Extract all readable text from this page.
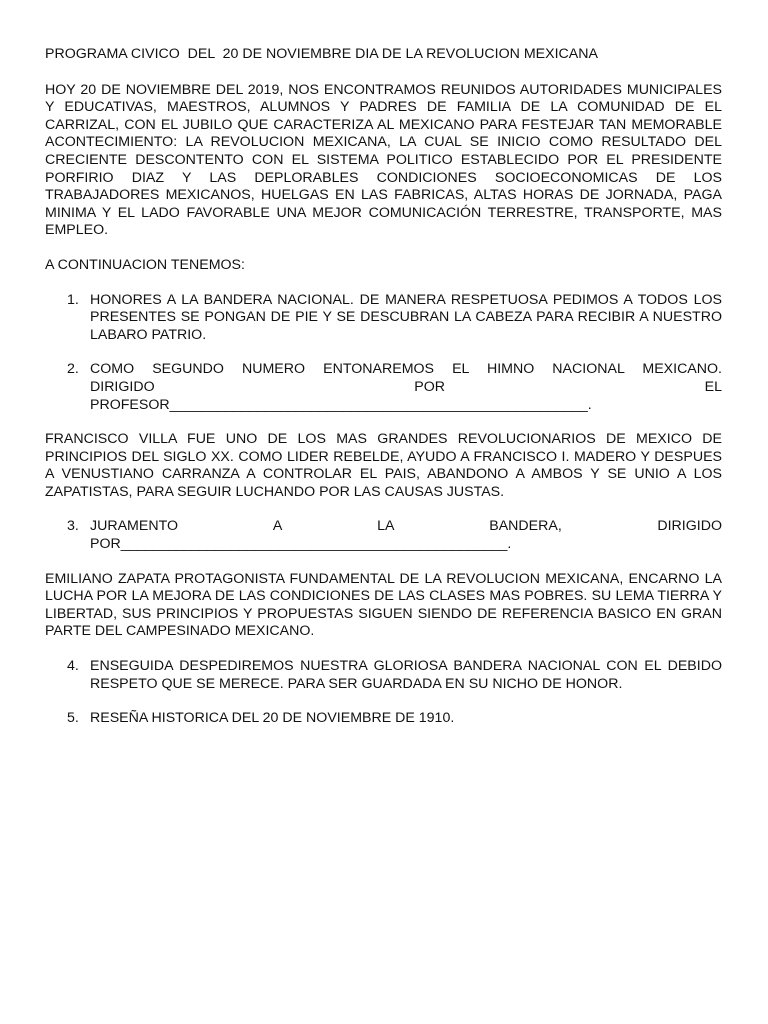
PROGRAMA CIVICO  DEL  20 DE NOVIEMBRE DIA DE LA REVOLUCION MEXICANA

HOY 20 DE NOVIEMBRE DEL 2019, NOS ENCONTRAMOS REUNIDOS AUTORIDADES MUNICIPALES Y EDUCATIVAS, MAESTROS, ALUMNOS Y PADRES DE FAMILIA DE LA COMUNIDAD DE EL CARRIZAL, CON EL JUBILO QUE CARACTERIZA AL MEXICANO PARA FESTEJAR TAN MEMORABLE ACONTECIMIENTO: LA REVOLUCION MEXICANA, LA CUAL SE INICIO COMO RESULTADO DEL CRECIENTE DESCONTENTO CON EL SISTEMA POLITICO ESTABLECIDO POR EL PRESIDENTE PORFIRIO DIAZ Y LAS DEPLORABLES CONDICIONES SOCIOECONOMICAS DE LOS TRABAJADORES MEXICANOS, HUELGAS EN LAS FABRICAS, ALTAS HORAS DE JORNADA, PAGA MINIMA Y EL LADO FAVORABLE UNA MEJOR COMUNICACIÓN TERRESTRE, TRANSPORTE, MAS EMPLEO.

A CONTINUACION TENEMOS:

1. HONORES A LA BANDERA NACIONAL. DE MANERA RESPETUOSA PEDIMOS A TODOS LOS PRESENTES SE PONGAN DE PIE Y SE DESCUBRAN LA CABEZA PARA RECIBIR A NUESTRO LABARO PATRIO.
2. COMO SEGUNDO NUMERO ENTONAREMOS EL HIMNO NACIONAL MEXICANO.
DIRIGIDO POR EL
PROFESOR_____________________________________________________.

FRANCISCO VILLA FUE UNO DE LOS MAS GRANDES REVOLUCIONARIOS DE MEXICO DE PRINCIPIOS DEL SIGLO XX. COMO LIDER REBELDE, AYUDO A FRANCISCO I. MADERO Y DESPUES A VENUSTIANO CARRANZA A CONTROLAR EL PAIS, ABANDONO A AMBOS Y SE UNIO A LOS ZAPATISTAS, PARA SEGUIR LUCHANDO POR LAS CAUSAS JUSTAS.

3. JURAMENTO A LA BANDERA, DIRIGIDO
POR_________________________________________________.

EMILIANO ZAPATA PROTAGONISTA FUNDAMENTAL DE LA REVOLUCION MEXICANA, ENCARNO LA LUCHA POR LA MEJORA DE LAS CONDICIONES DE LAS CLASES MAS POBRES. SU LEMA TIERRA Y LIBERTAD, SUS PRINCIPIOS Y PROPUESTAS SIGUEN SIENDO DE REFERENCIA BASICO EN GRAN PARTE DEL CAMPESINADO MEXICANO.

4. ENSEGUIDA DESPEDIREMOS NUESTRA GLORIOSA BANDERA NACIONAL CON EL DEBIDO RESPETO QUE SE MERECE. PARA SER GUARDADA EN SU NICHO DE HONOR.
5. RESEÑA HISTORICA DEL 20 DE NOVIEMBRE DE 1910.
